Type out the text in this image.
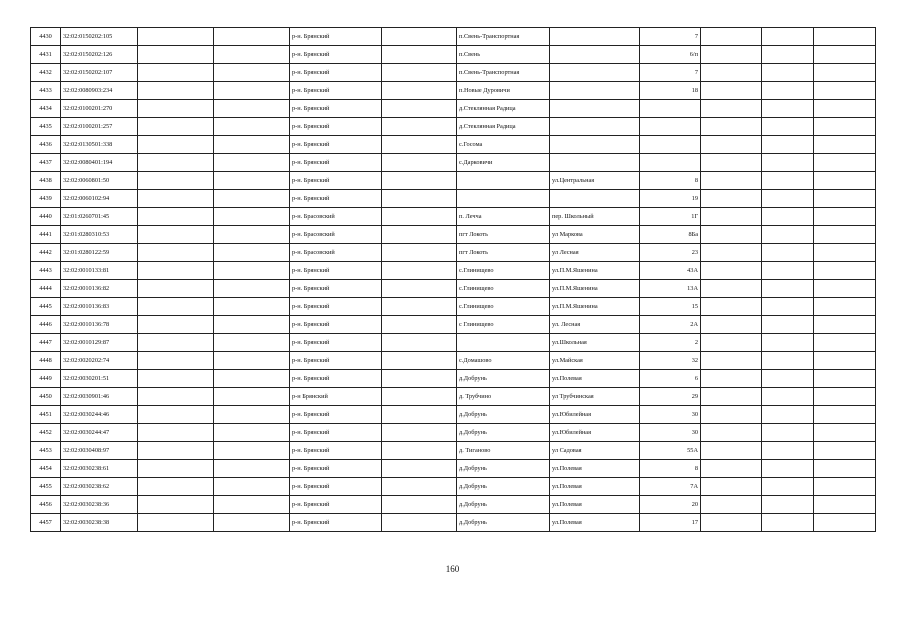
4430	32:02:0150202:105			р-н. Брянский		п.Свень-Транспортная		7			
4431	32:02:0150202:126			р-н. Брянский		п.Свень		6/п			
4432	32:02:0150202:107			р-н. Брянский		п.Свень-Транспортная		7			
4433	32:02:0080903:234			р-н. Брянский		п.Новые Дуровичи		18			
4434	32:02:0100201:270			р-н. Брянский		д.Стеклянная Радица					
4435	32:02:0100201:257			р-н. Брянский		д.Стеклянная Радица					
4436	32:02:0130501:338			р-н. Брянский		с.Госома					
4437	32:02:0080401:194			р-н. Брянский		с.Дарковичи					
4438	32:02:0060801:50			р-н. Брянский			ул.Центральная	8			
4439	32:02:0060102:94			р-н. Брянский				19			
4440	32:01:0260701:45			р-н. Брасовский		п. Лечча	пер. Школьный	1Г			
4441	32:01:0280310:53			р-н. Брасовский		пгт Локоть	ул Маркова	8Ба			
4442	32:01:0280122:59			р-н. Брасовский		пгт Локоть	ул Лесная	23			
4443	32:02:0010133:81			р-н. Брянский		с.Глинищево	ул.П.М.Яшенина	43А			
4444	32:02:0010136:82			р-н. Брянский		с.Глинищево	ул.П.М.Яшенина	13А			
4445	32:02:0010136:83			р-н. Брянский		с.Глинищево	ул.П.М.Яшенина	15			
4446	32:02:0010136:78			р-н. Брянский		с Глинищево	ул. Лесная	2А			
4447	32:02:0010129:87			р-н. Брянский			ул.Школьная	2			
4448	32:02:0020202:74			р-н. Брянский		с.Домашово	ул.Майская	32			
4449	32:02:0030201:51			р-н. Брянский		д.Добрунь	ул.Полевая	6			
4450	32:02:0030901:46			р-н Брянский		д. Трубчино	ул Трубчинская	29			
4451	32:02:0030244:46			р-н. Брянский		д.Добрунь	ул.Юбилейная	30			
4452	32:02:0030244:47			р-н. Брянский		д.Добрунь	ул.Юбилейная	30			
4453	32:02:0030408:97			р-н. Брянский		д. Тиганово	ул Садовая	55А			
4454	32:02:0030238:61			р-н. Брянский		д.Добрунь	ул.Полевая	8			
4455	32:02:0030238:62			р-н. Брянский		д.Добрунь	ул.Полевая	7А			
4456	32:02:0030238:36			р-н. Брянский		д.Добрунь	ул.Полевая	20			
4457	32:02:0030238:38			р-н. Брянский		д.Добрунь	ул.Полевая	17			
160
